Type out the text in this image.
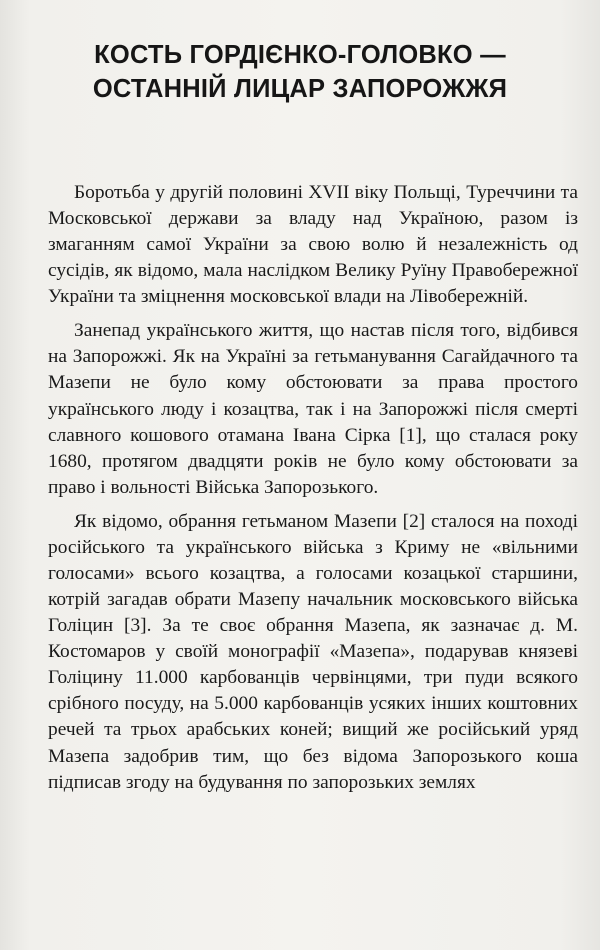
КОСТЬ ГОРДІЄНКО-ГОЛОВКО —
ОСТАННІЙ ЛИЦАР ЗАПОРОЖЖЯ

Боротьба у другій половині XVII віку Польщі, Туреччини та Московської держави за владу над Україною, разом із змаганням самої України за свою волю й незалежність од сусідів, як відомо, мала наслідком Велику Руїну Правобережної України та зміцнення московської влади на Лівобережній.

Занепад українського життя, що настав після того, відбився на Запорожжі. Як на Україні за гетьманування Сагайдачного та Мазепи не було кому обстоювати за права простого українського люду і козацтва, так і на Запорожжі після смерті славного кошового отамана Івана Сірка [1], що сталася року 1680, протягом двадцяти років не було кому обстоювати за право і вольності Війська Запорозького.

Як відомо, обрання гетьманом Мазепи [2] сталося на поході російського та українського війська з Криму не «вільними голосами» всього козацтва, а голосами козацької старшини, котрій загадав обрати Мазепу начальник московського війська Голіцин [3]. За те своє обрання Мазепа, як зазначає д. М. Костомаров у своїй монографії «Мазепа», подарував князеві Голіцину 11.000 карбованців червінцями, три пуди всякого срібного посуду, на 5.000 карбованців усяких інших коштовних речей та трьох арабських коней; вищий же російський уряд Мазепа задобрив тим, що без відома Запорозького коша підписав згоду на будування по запорозьких землях
